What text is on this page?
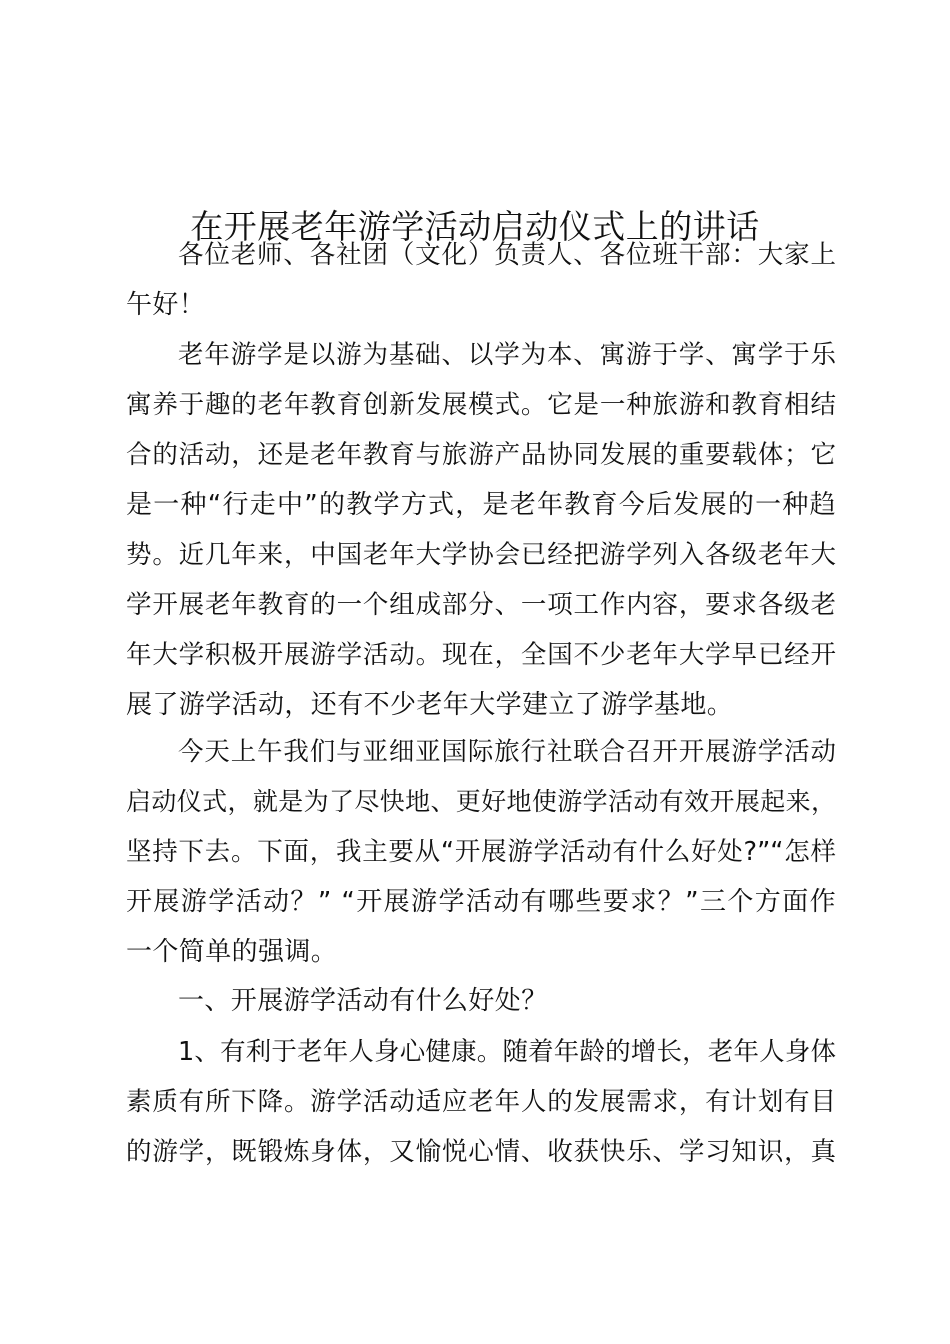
在开展老年游学活动启动仪式上的讲话

各位老师、各社团（文化）负责人、各位班干部：大家上
午好！

老年游学是以游为基础、以学为本、寓游于学、寓学于乐
寓养于趣的老年教育创新发展模式。它是一种旅游和教育相结
合的活动，还是老年教育与旅游产品协同发展的重要载体；它
是一种“行走中”的教学方式，是老年教育今后发展的一种趋
势。近几年来，中国老年大学协会已经把游学列入各级老年大
学开展老年教育的一个组成部分、一项工作内容，要求各级老
年大学积极开展游学活动。现在，全国不少老年大学早已经开
展了游学活动，还有不少老年大学建立了游学基地。

今天上午我们与亚细亚国际旅行社联合召开开展游学活动
启动仪式，就是为了尽快地、更好地使游学活动有效开展起来，
坚持下去。下面，我主要从“开展游学活动有什么好处?”“怎样
开展游学活动？” “开展游学活动有哪些要求？”三个方面作
一个简单的强调。

一、开展游学活动有什么好处？

1、有利于老年人身心健康。随着年龄的增长，老年人身体
素质有所下降。游学活动适应老年人的发展需求，有计划有目
的游学，既锻炼身体，又愉悦心情、收获快乐、学习知识，真
